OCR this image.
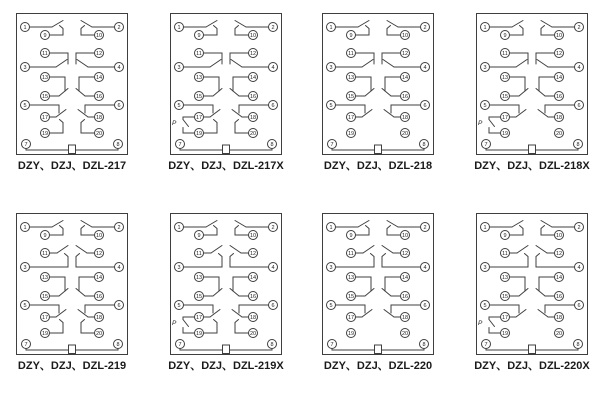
1	2
3	4
5	6
7	8
9	10
11	12
13	14
15	16
17	18
19	20
DZY、DZJ、DZL-217
1	2
3	4
5	6
7	8
9	10
11	12
13	14
15	16
17	18
19	20
P
DZY、DZJ、DZL-217X
1	2
3	4
5	6
7	8
9	10
11	12
13	14
15	16
17	18
19	20
DZY、DZJ、DZL-218
1	2
3	4
5	6
7	8
9	10
11	12
13	14
15	16
17	18
19	20
P
DZY、DZJ、DZL-218X
1	2
3	4
5	6
7	8
9	10
11	12
13	14
15	16
17	18
19	20
DZY、DZJ、DZL-219
1	2
3	4
5	6
7	8
9	10
11	12
13	14
15	16
17	18
19	20
P
DZY、DZJ、DZL-219X
1	2
3	4
5	6
7	8
9	10
11	12
13	14
15	16
17	18
19	20
DZY、DZJ、DZL-220
1	2
3	4
5	6
7	8
9	10
11	12
13	14
15	16
17	18
19	20
P
DZY、DZJ、DZL-220X
